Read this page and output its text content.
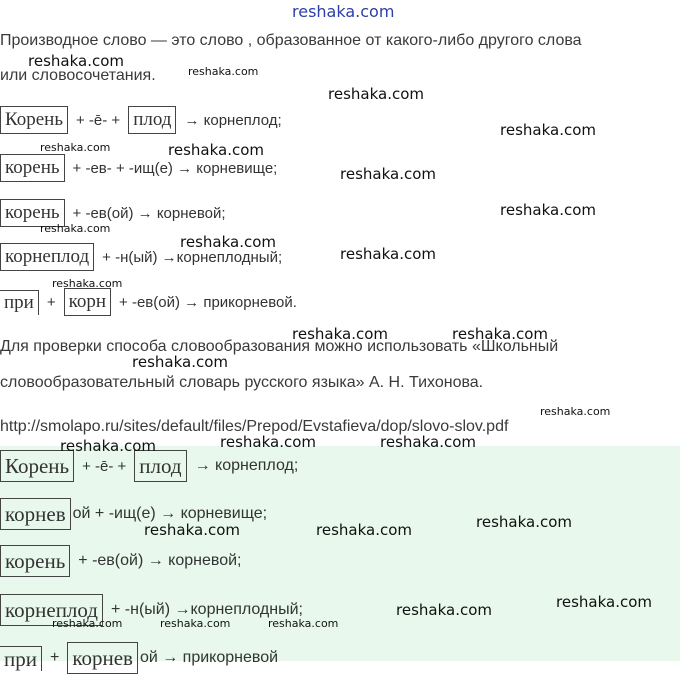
reshaka.com
Производное слово — это слово , образованное от какого-либо другого слова
или словосочетания.
Корень + -ē- + плод → корнеплод;
корень + -ев- + -ищ(е) → корневище;
корень + -ев(ой) → корневой;
корнеплод + -н(ый) →корнеплодный;
при + корн + -ев(ой) → прикорневой.
Для проверки способа словообразования можно использовать «Школьный
словообразовательный словарь русского языка» А. Н. Тихонова.
http://smolapo.ru/sites/default/files/Prepod/Evstafieva/dop/slovo-slov.pdf
Корень + -ē- + плод → корнеплод;
корнев ой + -ищ(е) → корневище;
корень + -ев(ой) → корневой;
корнеплод + -н(ый) →корнеплодный;
при + корнев ой → прикорневой
reshaka.com
reshaka.com
reshaka.com
reshaka.com
reshaka.com	reshaka.com
reshaka.com
reshaka.com
reshaka.com
reshaka.com
reshaka.com
reshaka.com
reshaka.com	reshaka.com
reshaka.com
reshaka.com
reshaka.com	reshaka.com	reshaka.com
reshaka.com	reshaka.com	reshaka.com
reshaka.com	reshaka.com
reshaka.com	reshaka.com	reshaka.com
